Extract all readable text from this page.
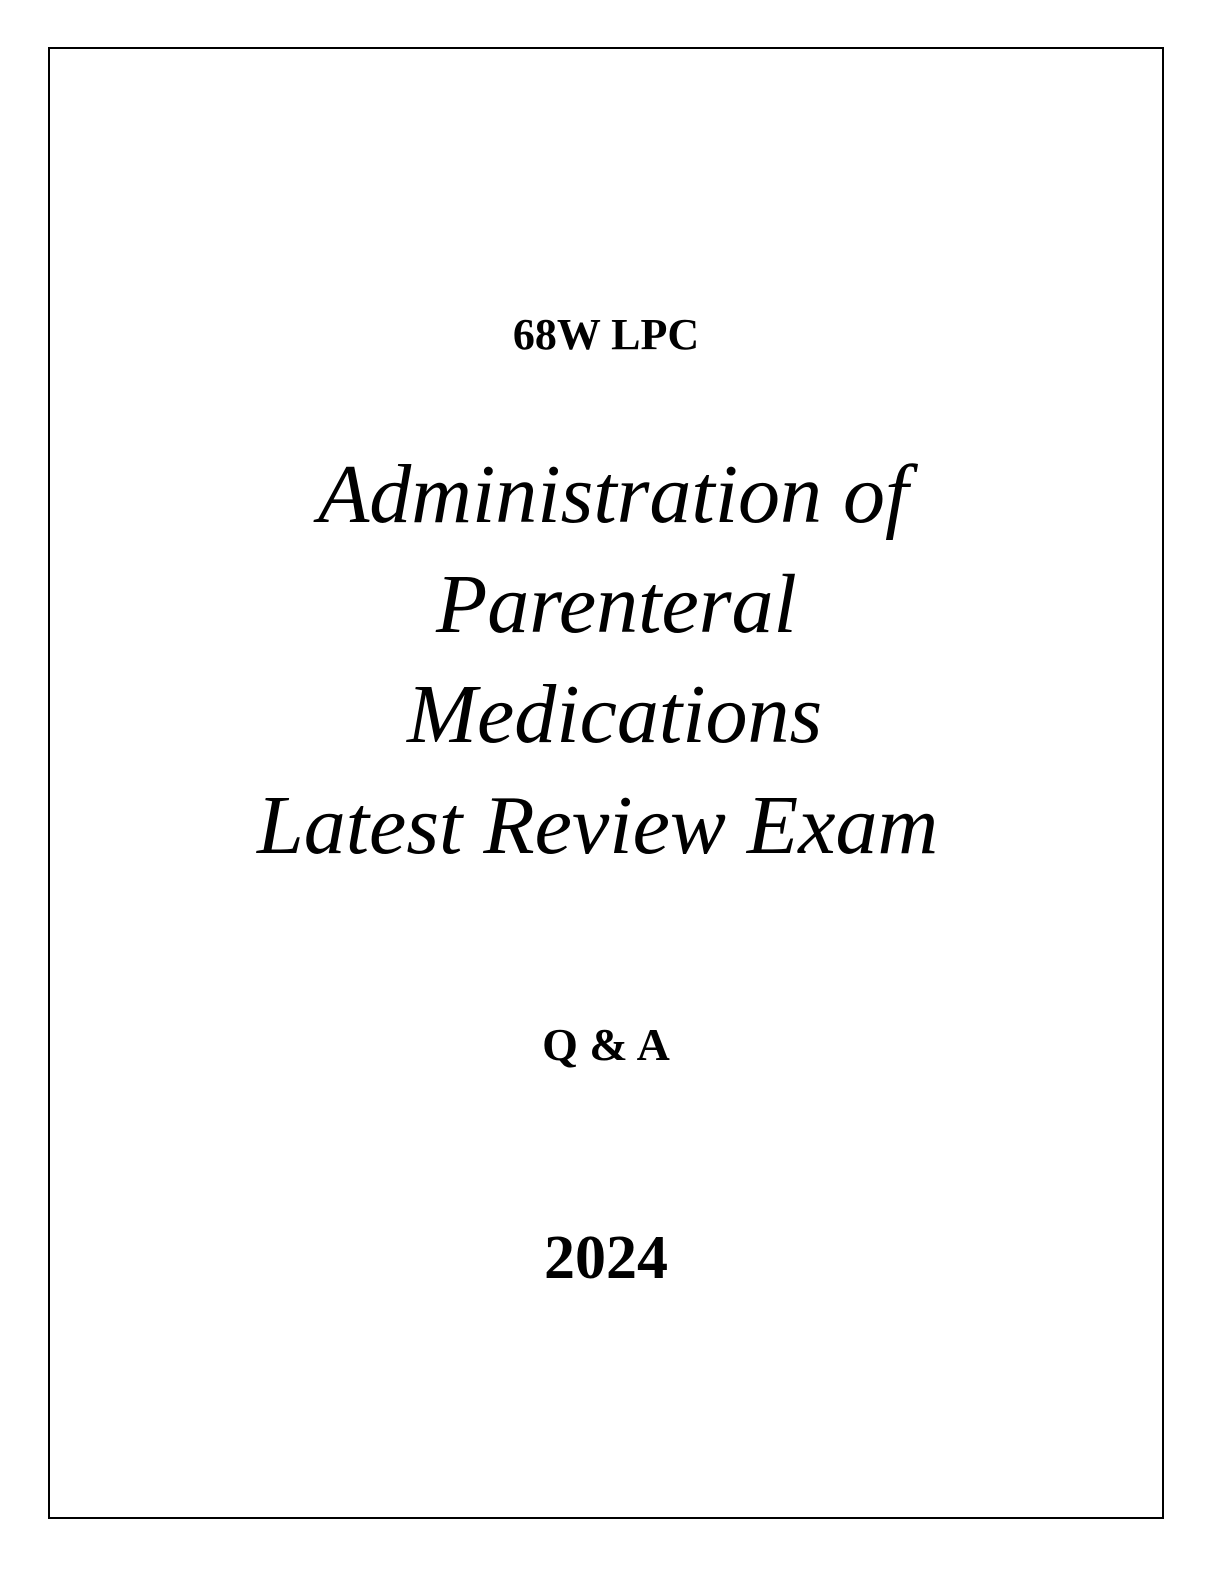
68W LPC
Administration of
Parenteral
Medications
Latest Review Exam
Q & A
2024
